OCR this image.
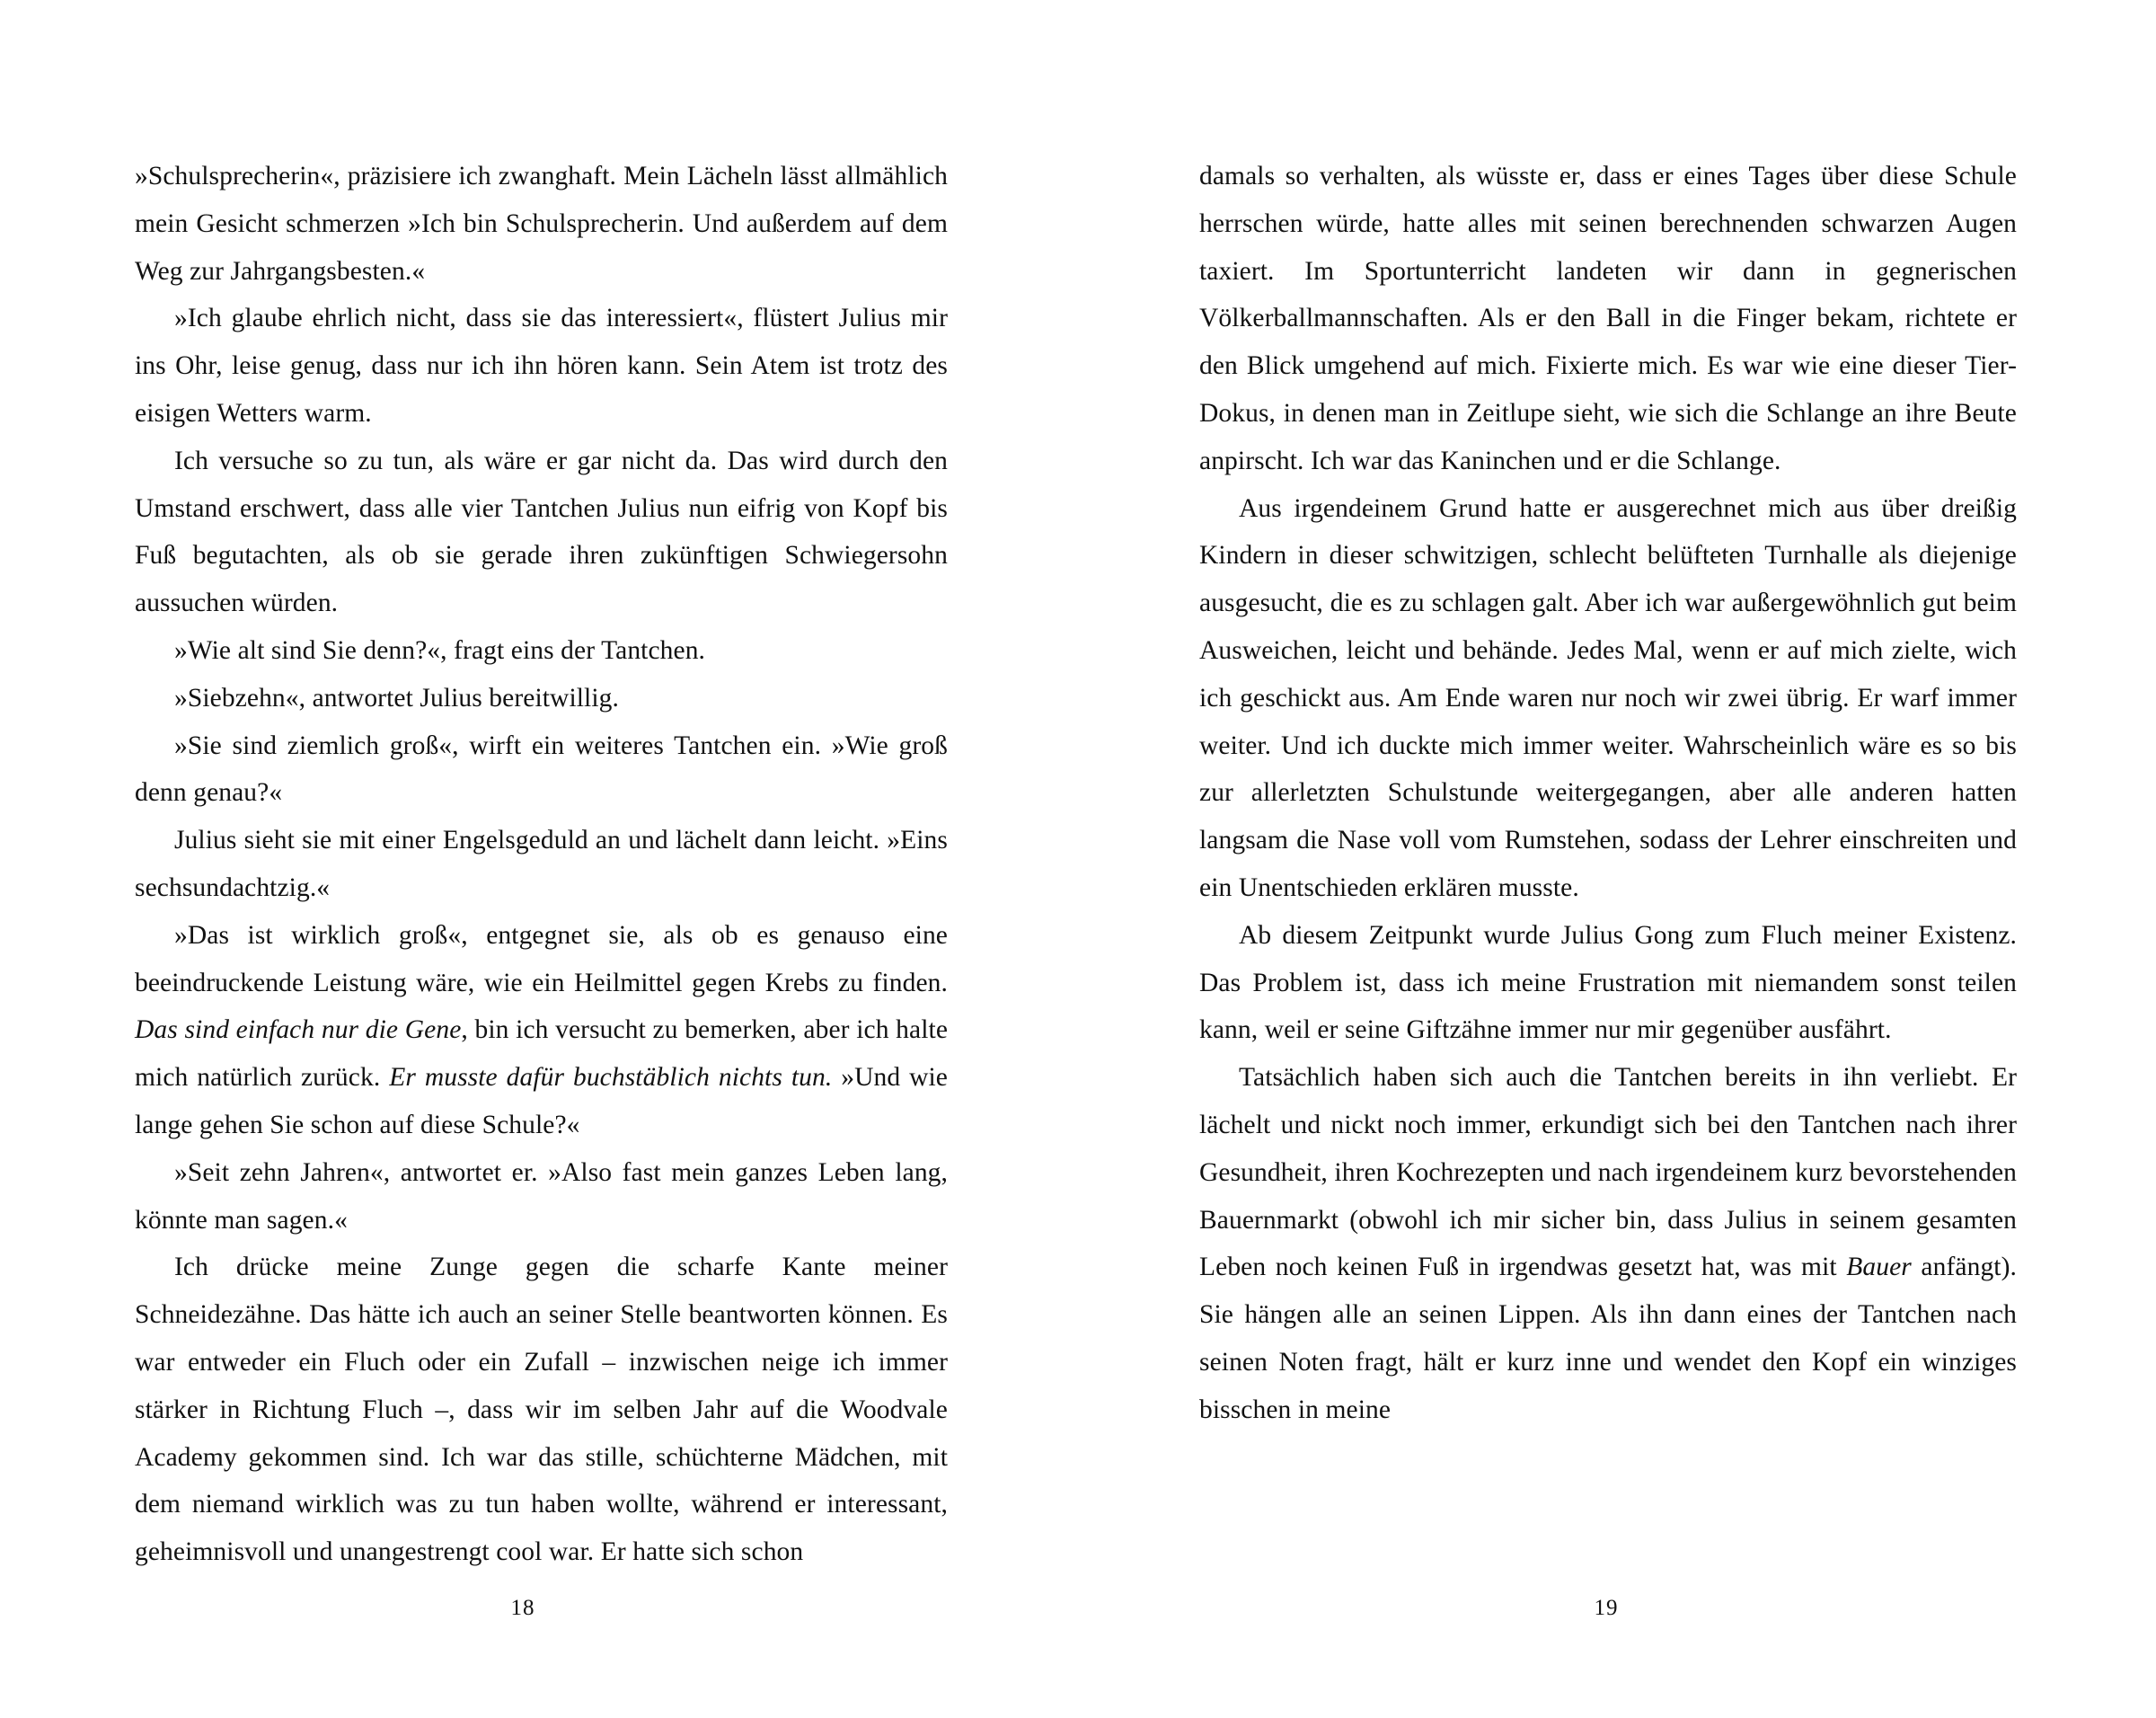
»Schulsprecherin«, präzisiere ich zwanghaft. Mein Lächeln lässt allmählich mein Gesicht schmerzen »Ich bin Schulsprecherin. Und außerdem auf dem Weg zur Jahrgangsbesten.«

»Ich glaube ehrlich nicht, dass sie das interessiert«, flüstert Julius mir ins Ohr, leise genug, dass nur ich ihn hören kann. Sein Atem ist trotz des eisigen Wetters warm.

Ich versuche so zu tun, als wäre er gar nicht da. Das wird durch den Umstand erschwert, dass alle vier Tantchen Julius nun eifrig von Kopf bis Fuß begutachten, als ob sie gerade ihren zukünftigen Schwiegersohn aussuchen würden.

»Wie alt sind Sie denn?«, fragt eins der Tantchen.

»Siebzehn«, antwortet Julius bereitwillig.

»Sie sind ziemlich groß«, wirft ein weiteres Tantchen ein. »Wie groß denn genau?«

Julius sieht sie mit einer Engelsgeduld an und lächelt dann leicht. »Eins sechsundachtzig.«

»Das ist wirklich groß«, entgegnet sie, als ob es genauso eine beeindruckende Leistung wäre, wie ein Heilmittel gegen Krebs zu finden. Das sind einfach nur die Gene, bin ich versucht zu bemerken, aber ich halte mich natürlich zurück. Er musste dafür buchstäblich nichts tun. »Und wie lange gehen Sie schon auf diese Schule?«

»Seit zehn Jahren«, antwortet er. »Also fast mein ganzes Leben lang, könnte man sagen.«

Ich drücke meine Zunge gegen die scharfe Kante meiner Schneidezähne. Das hätte ich auch an seiner Stelle beantworten können. Es war entweder ein Fluch oder ein Zufall – inzwischen neige ich immer stärker in Richtung Fluch –, dass wir im selben Jahr auf die Woodvale Academy gekommen sind. Ich war das stille, schüchterne Mädchen, mit dem niemand wirklich was zu tun haben wollte, während er interessant, geheimnisvoll und unangestrengt cool war. Er hatte sich schon

18

damals so verhalten, als wüsste er, dass er eines Tages über diese Schule herrschen würde, hatte alles mit seinen berechnenden schwarzen Augen taxiert. Im Sportunterricht landeten wir dann in gegnerischen Völkerballmannschaften. Als er den Ball in die Finger bekam, richtete er den Blick umgehend auf mich. Fixierte mich. Es war wie eine dieser Tier-Dokus, in denen man in Zeitlupe sieht, wie sich die Schlange an ihre Beute anpirscht. Ich war das Kaninchen und er die Schlange.

Aus irgendeinem Grund hatte er ausgerechnet mich aus über dreißig Kindern in dieser schwitzigen, schlecht belüfteten Turnhalle als diejenige ausgesucht, die es zu schlagen galt. Aber ich war außergewöhnlich gut beim Ausweichen, leicht und behände. Jedes Mal, wenn er auf mich zielte, wich ich geschickt aus. Am Ende waren nur noch wir zwei übrig. Er warf immer weiter. Und ich duckte mich immer weiter. Wahrscheinlich wäre es so bis zur allerletzten Schulstunde weitergegangen, aber alle anderen hatten langsam die Nase voll vom Rumstehen, sodass der Lehrer einschreiten und ein Unentschieden erklären musste.

Ab diesem Zeitpunkt wurde Julius Gong zum Fluch meiner Existenz. Das Problem ist, dass ich meine Frustration mit niemandem sonst teilen kann, weil er seine Giftzähne immer nur mir gegenüber ausfährt.

Tatsächlich haben sich auch die Tantchen bereits in ihn verliebt. Er lächelt und nickt noch immer, erkundigt sich bei den Tantchen nach ihrer Gesundheit, ihren Kochrezepten und nach irgendeinem kurz bevorstehenden Bauernmarkt (obwohl ich mir sicher bin, dass Julius in seinem gesamten Leben noch keinen Fuß in irgendwas gesetzt hat, was mit Bauer anfängt). Sie hängen alle an seinen Lippen. Als ihn dann eines der Tantchen nach seinen Noten fragt, hält er kurz inne und wendet den Kopf ein winziges bisschen in meine

19
